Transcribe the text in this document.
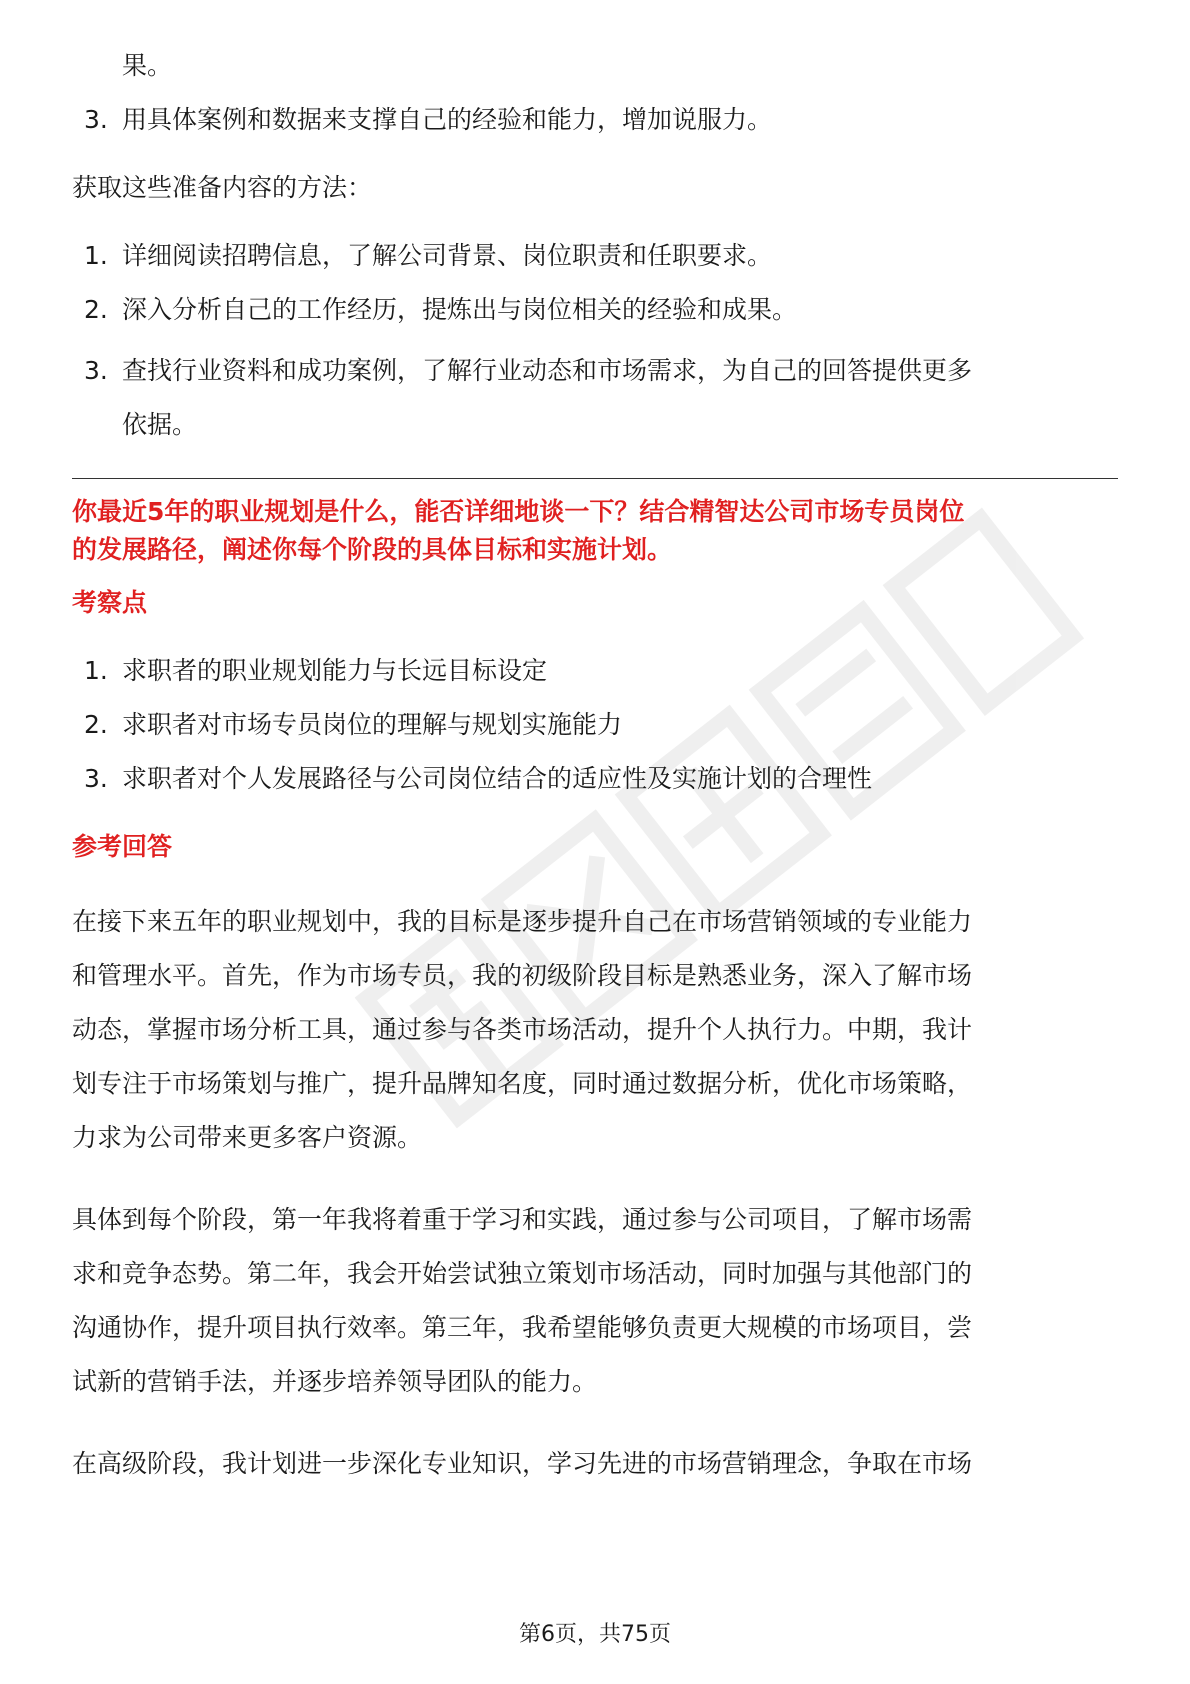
果。
3. 用具体案例和数据来支撑自己的经验和能力，增加说服力。
获取这些准备内容的方法：
1. 详细阅读招聘信息，了解公司背景、岗位职责和任职要求。
2. 深入分析自己的工作经历，提炼出与岗位相关的经验和成果。
3. 查找行业资料和成功案例，了解行业动态和市场需求，为自己的回答提供更多
依据。
你最近5年的职业规划是什么，能否详细地谈一下？结合精智达公司市场专员岗位
的发展路径，阐述你每个阶段的具体目标和实施计划。
考察点
1. 求职者的职业规划能力与长远目标设定
2. 求职者对市场专员岗位的理解与规划实施能力
3. 求职者对个人发展路径与公司岗位结合的适应性及实施计划的合理性
参考回答
在接下来五年的职业规划中，我的目标是逐步提升自己在市场营销领域的专业能力
和管理水平。首先，作为市场专员，我的初级阶段目标是熟悉业务，深入了解市场
动态，掌握市场分析工具，通过参与各类市场活动，提升个人执行力。中期，我计
划专注于市场策划与推广，提升品牌知名度，同时通过数据分析，优化市场策略，
力求为公司带来更多客户资源。
具体到每个阶段，第一年我将着重于学习和实践，通过参与公司项目，了解市场需
求和竞争态势。第二年，我会开始尝试独立策划市场活动，同时加强与其他部门的
沟通协作，提升项目执行效率。第三年，我希望能够负责更大规模的市场项目，尝
试新的营销手法，并逐步培养领导团队的能力。
在高级阶段，我计划进一步深化专业知识，学习先进的市场营销理念，争取在市场
第6页，共75页
